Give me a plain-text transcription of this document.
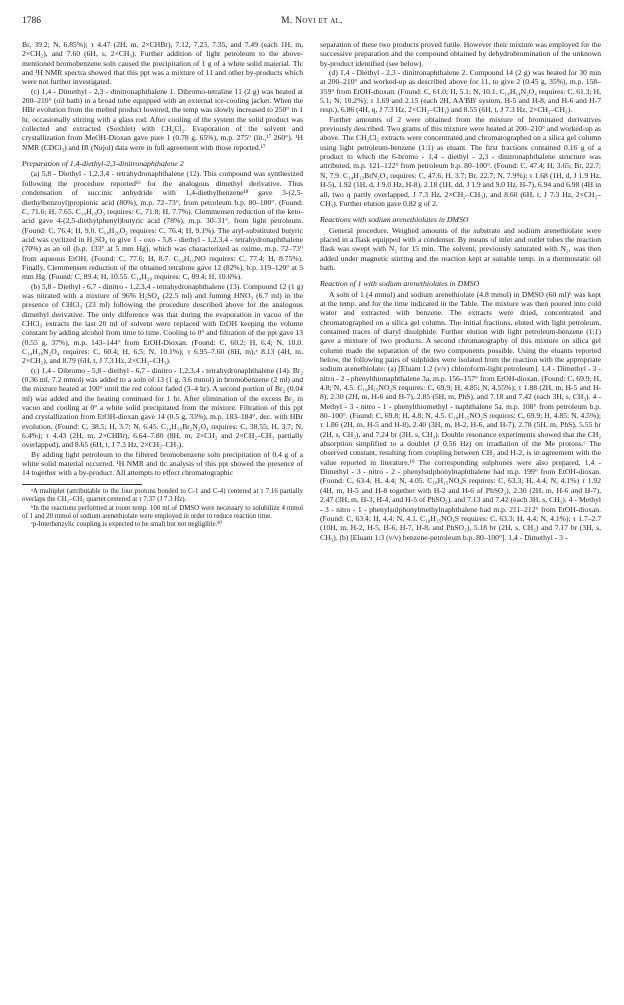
1786	M. Novi et al.

Br, 39.2; N, 6.85%); τ 4.47 (2H, m, 2×CHBr), 7.12, 7.23, 7.35, and 7.49 (each 1H, m, 2×CH₂), and 7.60 (6H, s, 2×CH₃). Further addition of light petroleum to the above-mentioned bromobenzene soln caused the precipitation of 1 g of a white solid material. Tlc and ¹H NMR spectra showed that this ppt was a mixture of 11 and other by-products which were not further investigated.

(c) 1,4 - Dimethyl - 2,3 - dinitronaphthalene 1. Dibromo-tetraline 11 (2 g) was heated at 200–210° (oil bath) in a broad tube equipped with an external ice-cooling jacket. When the HBr evolution from the melted product lowered, the temp was slowly increased to 250° in 1 hr, occasionally stirring with a glass rod. After cooling of the system the solid product was collected and extracted (Soxhlet) with CH₂Cl₂. Evaporation of the solvent and crystallization from MeOH-Dioxan gave pure 1 (0.78 g, 65%), m.p. 275° (lit.,¹⁷ 260°). ¹H NMR (CDCl₃) and IR (Nujol) data were in full agreement with those reported.¹⁷

Preparation of 1,4-diethyl-2,3-dinitronaphthalene 2

(a) 5,8 - Diethyl - 1,2,3,4 - tetrahydronaphthalene (12). This compound was synthesized following the procedure reported¹⁶ for the analogous dimethyl derivative. Thus condensation of succinic anhydride with 1,4-diethylbenzene¹⁸ gave 3-(2,5-diethylbenzoyl)propionic acid (80%), m.p. 72–73°, from petroleum b.p. 80–100°. (Found: C, 71.6; H, 7.65. C₁₄H₁₈O₃ requires: C, 71.8; H, 7.7%). Clemmensen reduction of the keto-acid gave 4-(2,5-diethylphenyl)butyric acid (78%), m.p. 30–31°, from light petroleum. (Found: C, 76.4; H, 9.0. C₁₄H₂₀O₂ requires: C, 76.4; H, 9.1%). The aryl-substituted butyric acid was cyclized in H₂SO₄ to give 1 - oxo - 5,8 - diethyl - 1,2,3,4 - tetrahydronaphthalene (70%) as an oil (b.p. 133° at 5 mm Hg), which was characterized as oxime, m.p. 72–73° from aqueous EtOH. (Found: C, 77.6; H, 8.7. C₁₄H₁₉NO requires: C, 77.4; H, 8.75%). Finally, Clemmensen reduction of the obtained tetralone gave 12 (82%), b.p. 119–120° at 5 mm Hg. (Found: C, 89.4; H, 10.55. C₁₄H₂₀ requires: C, 89.4; H, 10.6%).

(b) 5,8 - Diethyl - 6,7 - dinitro - 1,2,3,4 - tetrahydronaphthalene (13). Compound 12 (1 g) was nitrated with a mixture of 96% H₂SO₄ (22.5 ml) and fuming HNO₃ (6.7 ml) in the presence of CHCl₃ (23 ml) following the procedure described above for the analogous dimethyl derivative. The only difference was that during the evaporation in vacuo of the CHCl₃ extracts the last 20 ml of solvent were replaced with EtOH keeping the volume constant by adding alcohol from time to time. Cooling to 0° and filtration of the ppt gave 13 (0.55 g, 37%), m.p. 143–144° from EtOH-Dioxan. (Found: C, 60.2; H, 6.4; N, 10.0. C₁₄H₁₈N₂O₄ requires: C, 60.4; H, 6.5; N, 10.1%); τ 6.95–7.60 (8H, m),ᵃ 8.13 (4H, m, 2×CH₂), and 8.79 (6H, t, J 7.3 Hz, 2×CH₂–CH₃).

(c) 1,4 - Dibromo - 5,8 - diethyl - 6,7 - dinitro - 1,2,3,4 - tetrahydronaphthalene (14). Br₂ (0.36 ml, 7.2 mmol) was added to a soln of 13 (1 g, 3.6 mmol) in bromobenzene (2 ml) and the mixture heated at 100° until the red colour faded (3–4 hr). A second portion of Br₂ (0.04 ml) was added and the heating continued for 1 hr. After elimination of the excess Br₂ in vacuo and cooling at 0° a white solid precipitated from the mixture. Filtration of this ppt and crystallization from EtOH-dioxan gave 14 (0.5 g, 33%), m.p. 183–184°, dec. with HBr evolution. (Found: C, 38.5; H, 3.7; N, 6.45. C₁₄H₁₆Br₂N₂O₄ requires: C, 38.55; H, 3.7; N, 6.4%); τ 4.43 (2H, m, 2×CHBr), 6.64–7.80 (8H, m, 2×CH₂ and 2×CH₂–CH₃ partially overlapped), and 8.65 (6H, t, J 7.3 Hz, 2×CH₂–CH₃).

By adding light petroleum to the filtered bromobenzene soln precipitation of 0.4 g of a white solid material occurred. ¹H NMR and tlc analysis of this ppt showed the presence of 14 together with a by-product. All attempts to effect chromatographic

ᵃA multiplet (attributable to the four protons bonded to C-1 and C-4) centered at τ 7.16 partially overlaps the CH₂–CH₃ quartet centered at τ 7.37 (J 7.3 Hz).

ᵇIn the reactions performed at room temp. 100 ml of DMSO were necessary to solubilize 4 mmol of 1 and 20 mmol of sodium arenethiolate were employed in order to reduce reaction time.

ᶜp-Interbenzylic coupling is expected to be small but not negligible.²⁰

separation of these two products proved futile. However their mixture was employed for the successive preparation and the compound obtained by dehydrobromination of the unknown by-product identified (see below).

(d) 1,4 - Diethyl - 2,3 - dinitronaphthalene 2. Compound 14 (2 g) was heated for 30 min at 200–210° and worked-up as described above for 11, to give 2 (0.45 g, 35%), m.p. 158–159° from EtOH-dioxan. (Found: C, 61.0; H, 5.1; N, 10.1. C₁₄H₁₄N₂O₄ requires: C, 61.3; H, 5.1; N, 10.2%); τ 1.69 and 2.15 (each 2H, AA'BB' system, H-5 and H-8, and H-6 and H-7 resp.), 6.86 (4H, q, J 7.3 Hz, 2×CH₂–CH₃) and 8.55 (6H, t, J 7.3 Hz, 2×CH₂–CH₃).

Further amounts of 2 were obtained from the mixture of brominated derivatives previously described. Two grams of this mixture were heated at 200–210° and worked-up as above. The CH₂Cl₂ extracts were concentrated and chromatographed on a silica gel column using light petroleum-benzene (1:1) as eluant. The first fractions contained 0.16 g of a product to which the 6-bromo - 1,4 - diethyl - 2,3 - dinitronaphthalene structure was attributed, m.p. 121–122° from petroleum b.p. 80–100°. (Found: C, 47.4; H, 3.65; Br, 22.7; N, 7.9. C₁₄H₁₃BrN₂O₄ requires: C, 47.6; H, 3.7; Br, 22.7; N, 7.9%); τ 1.68 (1H, d, J 1.9 Hz, H-5), 1.92 (1H, d, J 9.0 Hz, H-8), 2.18 (1H, dd, J 1.9 and 9.0 Hz, H-7), 6.94 and 6.98 (4H in all, two q partly overlapped, J 7.3 Hz, 2×CH₂–CH₃), and 8.60 (6H, t, J 7.3 Hz, 2×CH₂–CH₃). Further elution gave 0.82 g of 2.

Reactions with sodium arenethiolates in DMSO

General procedure. Weighed amounts of the substrate and sodium arenethiolate were placed in a flask equipped with a condenser. By means of inlet and outlet tubes the reaction flask was swept with N₂ for 15 min. The solvent, previously saturated with N₂, was then added under magnetic stirring and the reaction kept at suitable temp. in a thermostatic oil bath.

Reaction of 1 with sodium arenethiolates in DMSO

A soln of 1 (4 mmol) and sodium arenethiolate (4.8 mmol) in DMSO (60 ml)ᵇ was kept at the temp. and for the time indicated in the Table. The mixture was then poured into cold water and extracted with benzene. The extracts were dried, concentrated and chromatographed on a silica gel column. The initial fractions, eluted with light petroleum, contained traces of diaryl disulphide. Further elution with light petroleum-benzene (1:1) gave a mixture of two products. A second chromatography of this mixture on silica gel column made the separation of the two components possible. Using the eluants reported below, the following pairs of sulphides were isolated from the reaction with the appropriate sodium arenethiolate: (a) [Eluant 1:2 (v/v) chloroform-light petroleum]. 1,4 - Dimethyl - 3 - nitro - 2 - phenylthionaphthalene 3a, m.p. 156–157° from EtOH-dioxan. (Found: C, 69.9; H, 4.8; N, 4.5. C₁₈H₁₅NO₂S requires: C, 69.9; H, 4.85; N, 4.55%); τ 1.88 (2H, m, H-5 and H-8), 2.30 (2H, m, H-6 and H-7), 2.85 (5H, m, PhS), and 7.18 and 7.42 (each 3H, s, CH₃). 4 - Methyl - 3 - nitro - 1 - phenylthiomethyl - naphthalene 5a, m.p. 108° from petroleum b.p. 80–100°. (Found: C, 69.8; H, 4.8; N, 4.5. C₁₈H₁₅NO₂S requires: C, 69.9; H, 4.85; N, 4.5%); τ 1.86 (2H, m, H-5 and H-8), 2.40 (3H, m, H-2, H-6, and H-7), 2.78 (5H, m, PhS), 5.55 br (2H, s, CH₂), and 7.24 br (3H, s, CH₃). Double resonance experiments showed that the CH₂ absorption simplified to a doublet (J 0.56 Hz) on irradiation of the Me protons.ᶜ The observed constant, resulting from coupling between CH₂ and H-2, is in agreement with the value reported in literature.¹⁹ The corresponding sulphones were also prepared. 1,4 - Dimethyl - 3 - nitro - 2 - phenylsulphonylnaphthalene had m.p. 199° from EtOH-dioxan. (Found: C, 63.4; H, 4.4; N, 4.05. C₁₈H₁₅NO₄S requires: C, 63.3; H, 4.4; N, 4.1%) τ 1.92 (4H, m, H-5 and H-8 together with H-2 and H-6 of PhSO₂), 2.30 (2H, m, H-6 and H-7), 2.47 (3H, m, H-3, H-4, and H-5 of PhSO₂), and 7.13 and 7.42 (each 3H, s, CH₃). 4 - Methyl - 3 - nitro - 1 - phenylsulphonylmethylnaphthalene had m.p. 211–212° from EtOH-dioxan. (Found: C, 63.4; H, 4.4; N, 4.1. C₁₈H₁₅NO₄S requires: C, 63.3; H, 4.4; N, 4.1%); τ 1.7–2.7 (10H, m, H-2, H-5, H-6, H-7, H-8, and PhSO₂), 5.18 br (2H, s, CH₂) and 7.17 br (3H, s, CH₃). (b) [Eluant 1:3 (v/v) benzene-petroleum b.p. 80–100°]. 1,4 - Dimethyl - 3 -
